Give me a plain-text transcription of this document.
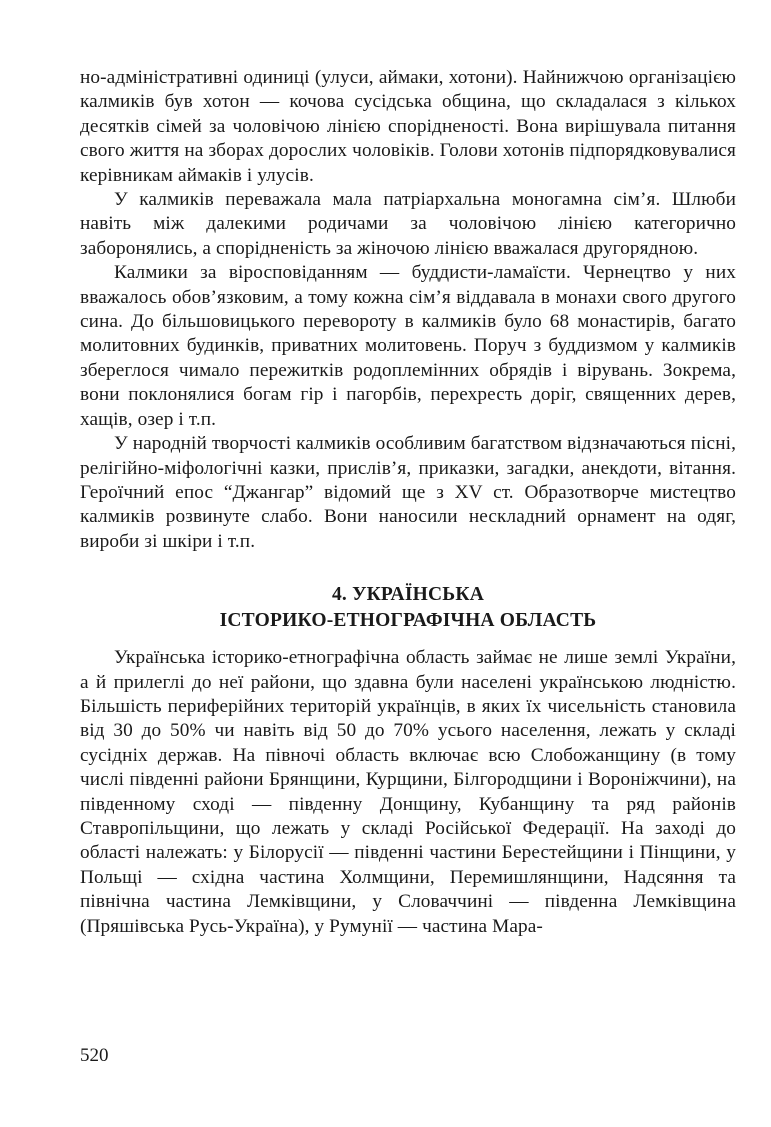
но-адміністративні одиниці (улуси, аймаки, хотони). Найнижчою організацією калмиків був хотон — кочова сусідська община, що складалася з кількох десятків сімей за чоловічою лінією спорідненості. Вона вирішувала питання свого життя на зборах дорослих чоловіків. Голови хотонів підпорядковувалися керівникам аймаків і улусів.

У калмиків переважала мала патріархальна моногамна сім’я. Шлюби навіть між далекими родичами за чоловічою лінією категорично заборонялись, а спорідненість за жіночою лінією вважалася другорядною.

Калмики за віросповіданням — буддисти-ламаїсти. Чернецтво у них вважалось обов’язковим, а тому кожна сім’я віддавала в монахи свого другого сина. До більшовицького перевороту в калмиків було 68 монастирів, багато молитовних будинків, приватних молитовень. Поруч з буддизмом у калмиків збереглося чимало пережитків родоплемінних обрядів і вірувань. Зокрема, вони поклонялися богам гір і пагорбів, перехресть доріг, священних дерев, хащів, озер і т.п.

У народній творчості калмиків особливим багатством відзначаються пісні, релігійно-міфологічні казки, прислів’я, приказки, загадки, анекдоти, вітання. Героїчний епос “Джангар” відомий ще з XV ст. Образотворче мистецтво калмиків розвинуте слабо. Вони наносили нескладний орнамент на одяг, вироби зі шкіри і т.п.

4. УКРАЇНСЬКА
ІСТОРИКО-ЕТНОГРАФІЧНА ОБЛАСТЬ

Українська історико-етнографічна область займає не лише землі України, а й прилеглі до неї райони, що здавна були населені українською людністю. Більшість периферійних територій українців, в яких їх чисельність становила від 30 до 50% чи навіть від 50 до 70% усього населення, лежать у складі сусідніх держав. На півночі область включає всю Слобожанщину (в тому числі південні райони Брянщини, Курщини, Білгородщини і Воронiжчини), на південному сході — південну Донщину, Кубанщину та ряд районів Ставропільщини, що лежать у складі Російської Федерації. На заході до області належать: у Білорусії — південні частини Берестейщини і Пінщини, у Польщі — східна частина Холмщини, Перемишлянщини, Надсяння та північна частина Лемківщини, у Словаччині — південна Лемківщина (Пряшівська Русь-Україна), у Румунії — частина Мара-

520
